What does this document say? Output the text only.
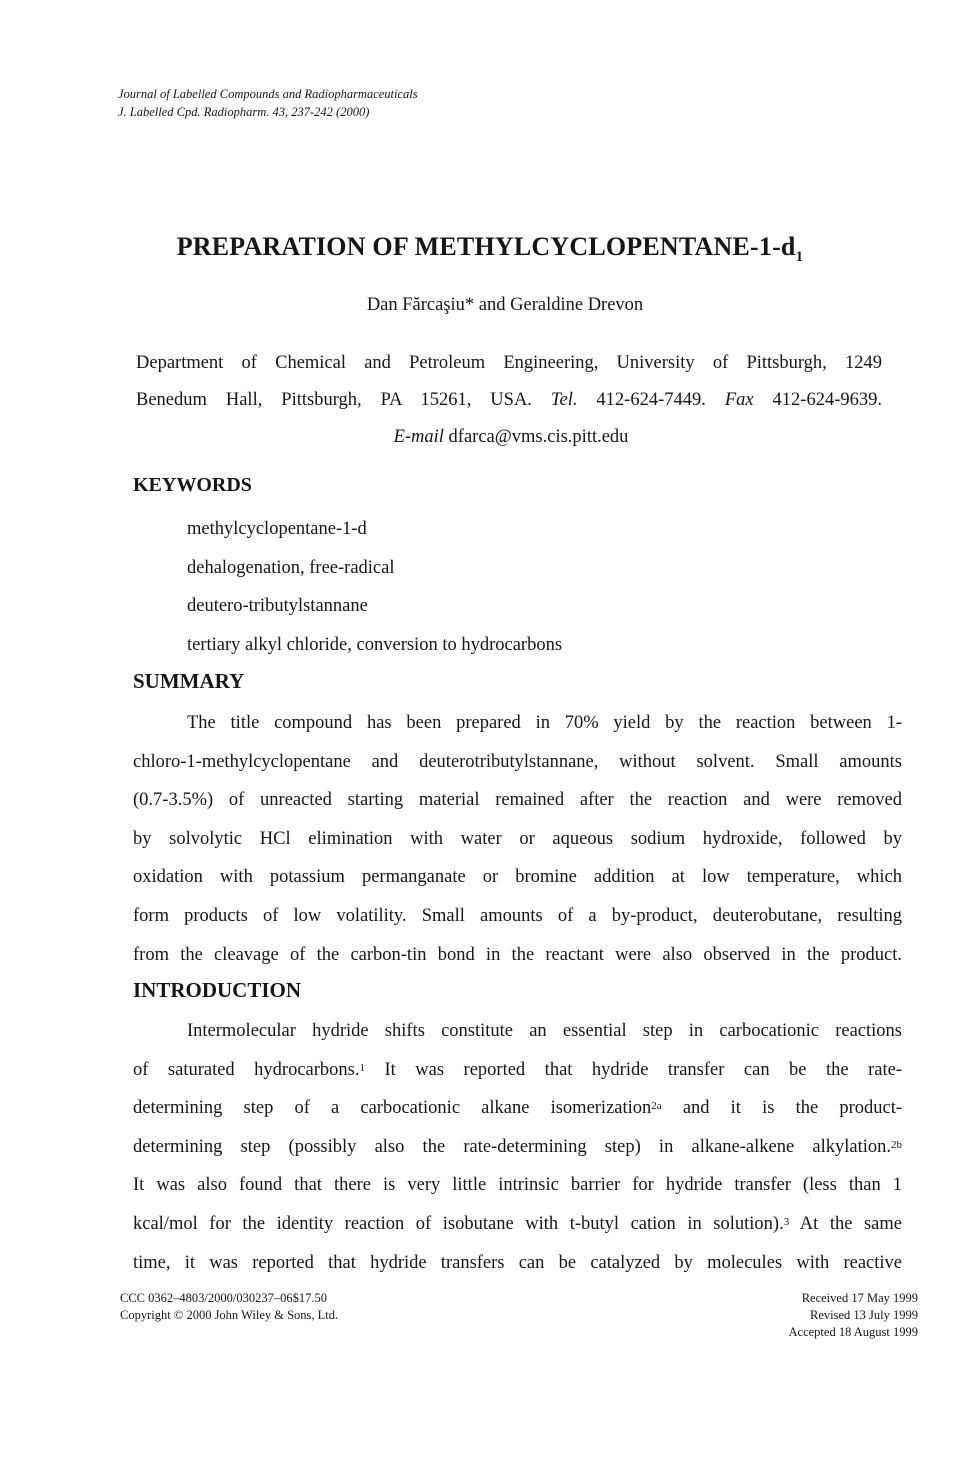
Journal of Labelled Compounds and Radiopharmaceuticals
J. Labelled Cpd. Radiopharm. 43, 237-242 (2000)
PREPARATION OF METHYLCYCLOPENTANE-$1-d_1$
Dan Fărcaşiu* and Geraldine Drevon
Department of Chemical and Petroleum Engineering, University of Pittsburgh, 1249
Benedum Hall, Pittsburgh, PA 15261, USA. Tel. 412-624-7449. Fax 412-624-9639.
E-mail dfarca@vms.cis.pitt.edu
KEYWORDS
methylcyclopentane-1-d
dehalogenation, free-radical
deutero-tributylstannane
tertiary alkyl chloride, conversion to hydrocarbons
SUMMARY
The title compound has been prepared in 70% yield by the reaction between 1-
chloro-1-methylcyclopentane and deuterotributylstannane, without solvent. Small amounts
(0.7-3.5%) of unreacted starting material remained after the reaction and were removed
by solvolytic HCl elimination with water or aqueous sodium hydroxide, followed by
oxidation with potassium permanganate or bromine addition at low temperature, which
form products of low volatility. Small amounts of a by-product, deuterobutane, resulting
from the cleavage of the carbon-tin bond in the reactant were also observed in the product.
INTRODUCTION
Intermolecular hydride shifts constitute an essential step in carbocationic reactions
of saturated hydrocarbons.$^1$ It was reported that hydride transfer can be the rate-
determining step of a carbocationic alkane isomerization$^{2a}$ and it is the product-
determining step (possibly also the rate-determining step) in alkane-alkene alkylation.$^{2b}$
It was also found that there is very little intrinsic barrier for hydride transfer (less than 1
kcal/mol for the identity reaction of isobutane with t-butyl cation in solution).$^3$ At the same
time, it was reported that hydride transfers can be catalyzed by molecules with reactive
CCC 0362–4803/2000/030237–06$17.50
Copyright © 2000 John Wiley & Sons, Ltd.
Received 17 May 1999
Revised 13 July 1999
Accepted 18 August 1999
